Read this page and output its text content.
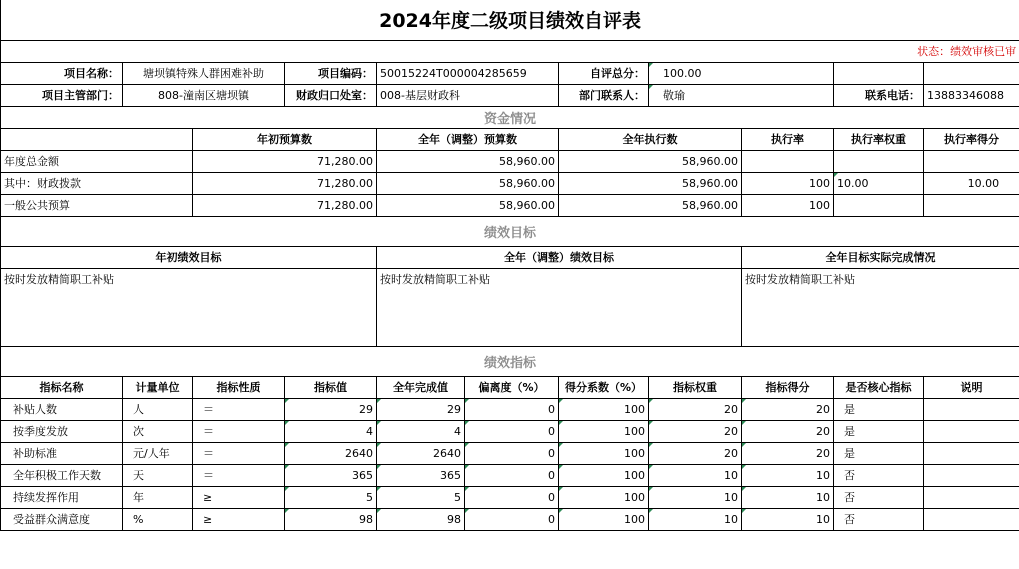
2024年度二级项目绩效自评表										
状态：绩效审核已审										
项目名称：	塘坝镇特殊人群困难补助		项目编码：	50015224T000004285659		自评总分：	100.00			
项目主管部门：	808-潼南区塘坝镇		财政归口处室：	008-基层财政科		部门联系人：	敬瑜		联系电话：	13883346088
资金情况										
		年初预算数		全年（调整）预算数		全年执行数		执行率	执行率权重	执行率得分
年度总金额		71,280.00		58,960.00		58,960.00				
其中：财政拨款		71,280.00		58,960.00		58,960.00		100	10.00	10.00
一般公共预算		71,280.00		58,960.00		58,960.00		100		
绩效目标										
年初绩效目标				全年（调整）绩效目标				全年目标实际完成情况		
按时发放精简职工补贴				按时发放精简职工补贴				按时发放精简职工补贴		
绩效指标										
指标名称	计量单位	指标性质	指标值	全年完成值	偏离度（%）	得分系数（%）	指标权重	指标得分	是否核心指标	说明
补贴人数	人	＝	29	29	0	100	20	20	是	
按季度发放	次	＝	4	4	0	100	20	20	是	
补助标准	元/人年	＝	2640	2640	0	100	20	20	是	
全年积极工作天数	天	＝	365	365	0	100	10	10	否	
持续发挥作用	年	≥	5	5	0	100	10	10	否	
受益群众满意度	%	≥	98	98	0	100	10	10	否	
